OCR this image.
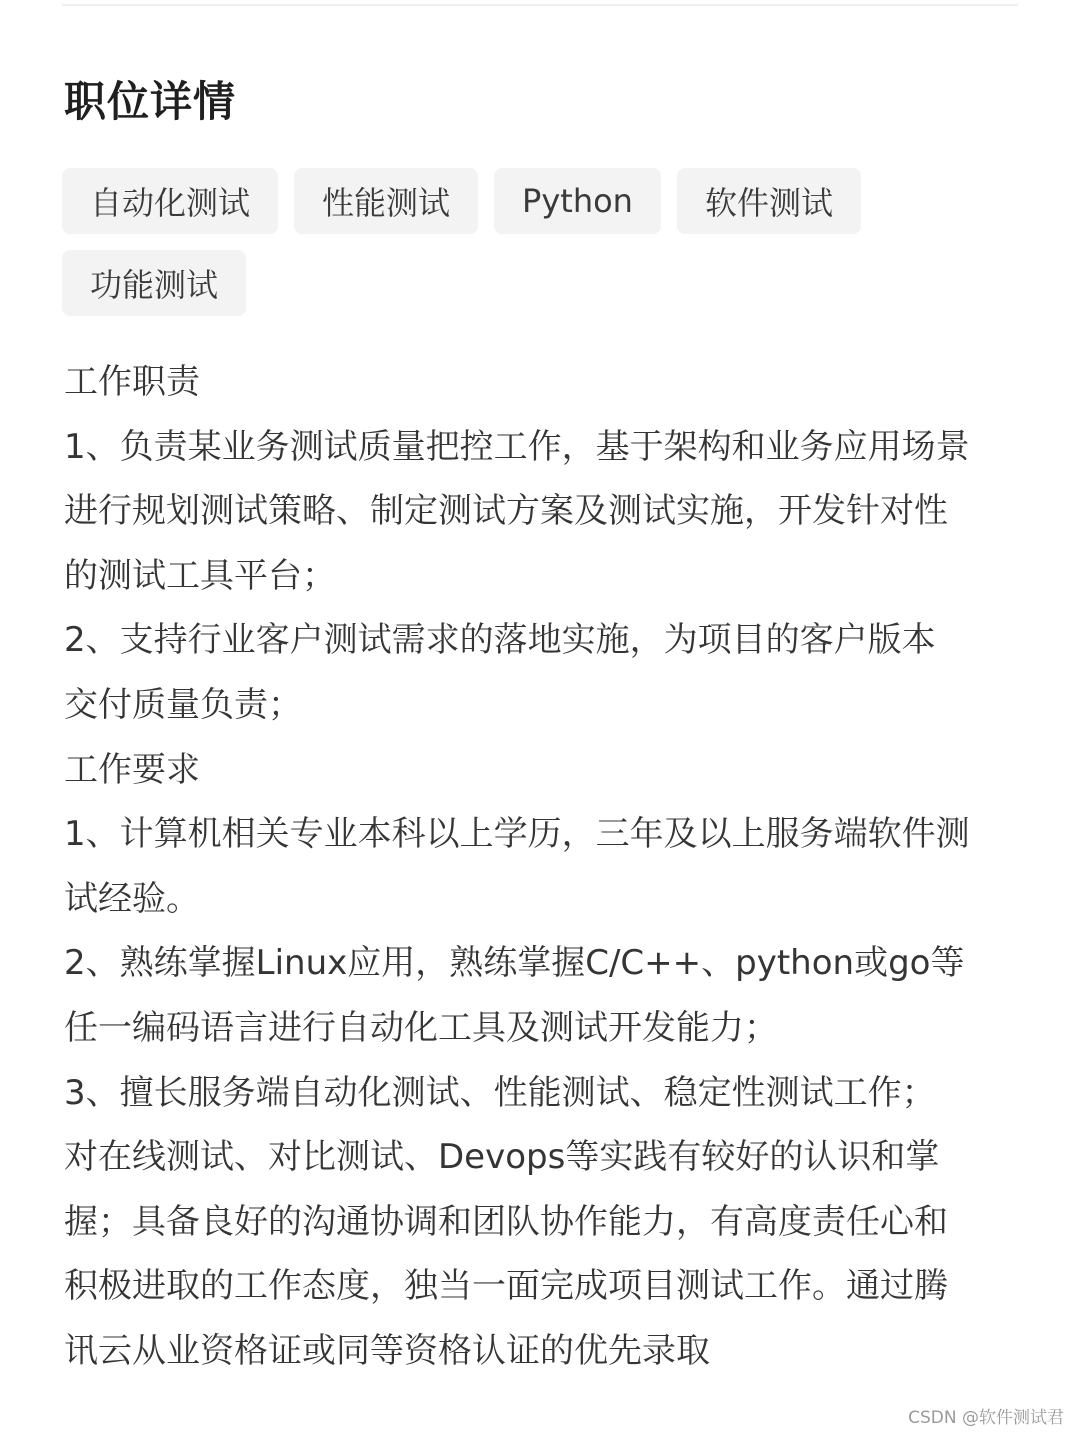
职位详情
自动化测试	性能测试	Python	软件测试
功能测试
工作职责
1、负责某业务测试质量把控工作，基于架构和业务应用场景
进行规划测试策略、制定测试方案及测试实施，开发针对性
的测试工具平台；
2、支持行业客户测试需求的落地实施，为项目的客户版本
交付质量负责；
工作要求
1、计算机相关专业本科以上学历，三年及以上服务端软件测
试经验。
2、熟练掌握Linux应用，熟练掌握C/C++、python或go等
任一编码语言进行自动化工具及测试开发能力；
3、擅长服务端自动化测试、性能测试、稳定性测试工作；
对在线测试、对比测试、Devops等实践有较好的认识和掌
握；具备良好的沟通协调和团队协作能力，有高度责任心和
积极进取的工作态度，独当一面完成项目测试工作。通过腾
讯云从业资格证或同等资格认证的优先录取
CSDN @软件测试君
